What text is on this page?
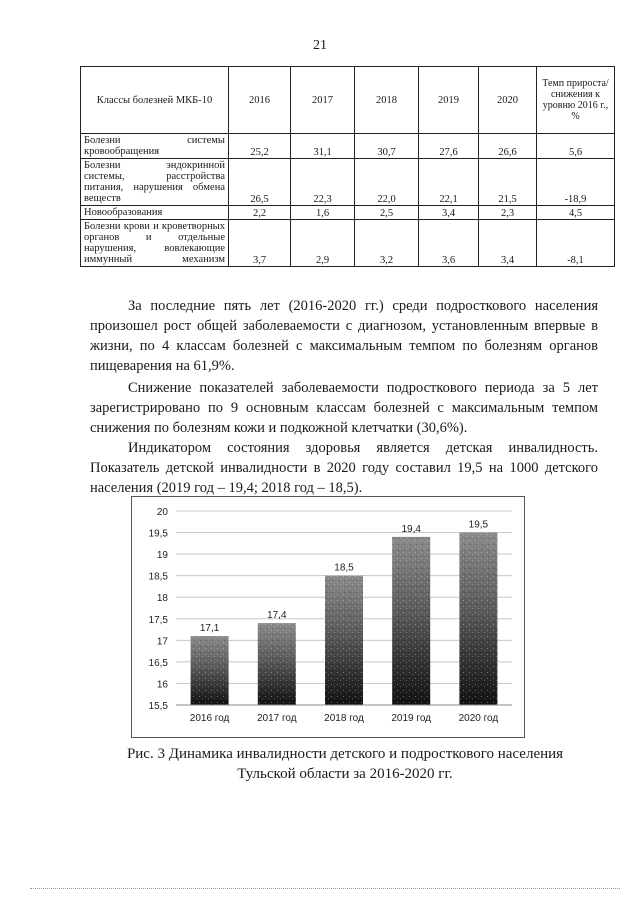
21
Классы болезней МКБ-10	2016	2017	2018	2019	2020	Темп прироста/ снижения к уровню 2016 г., %
Болезни системы кровообращения	25,2	31,1	30,7	27,6	26,6	5,6
Болезни эндокринной системы, расстройства питания, нарушения обмена веществ	26,5	22,3	22,0	22,1	21,5	-18,9
Новообразования	2,2	1,6	2,5	3,4	2,3	4,5
Болезни крови и кроветворных органов и отдельные нарушения, вовлекающие иммунный механизм	3,7	2,9	3,2	3,6	3,4	-8,1
За последние пять лет (2016-2020 гг.) среди подросткового населения произошел рост общей заболеваемости с диагнозом, установленным впервые в жизни, по 4 классам болезней с максимальным темпом по болезням органов пищеварения на 61,9%.
Снижение показателей заболеваемости подросткового периода за 5 лет зарегистрировано по 9 основным классам болезней с максимальным темпом снижения по болезням кожи и подкожной клетчатки (30,6%).
Индикатором состояния здоровья является детская инвалидность. Показатель детской инвалидности в 2020 году составил 19,5 на 1000 детского населения (2019 год – 19,4; 2018 год – 18,5).
15,5
16
16,5
17
17,5
18
18,5
19
19,5
20
17,1
2016 год
17,4
2017 год
18,5
2018 год
19,4
2019 год
19,5
2020 год
Рис. 3 Динамика инвалидности детского и подросткового населения
Тульской области за 2016-2020 гг.
